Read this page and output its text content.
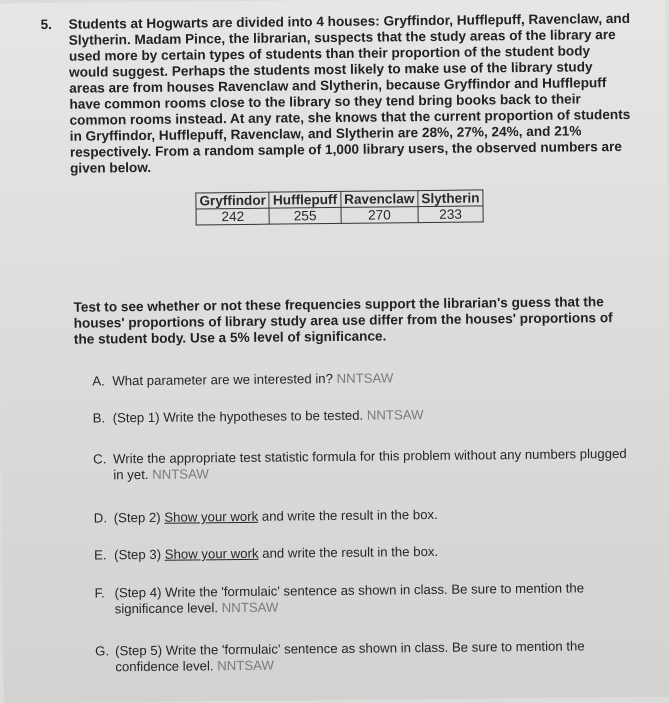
5. Students at Hogwarts are divided into 4 houses: Gryffindor, Hufflepuff, Ravenclaw, and Slytherin. Madam Pince, the librarian, suspects that the study areas of the library are used more by certain types of students than their proportion of the student body would suggest. Perhaps the students most likely to make use of the library study areas are from houses Ravenclaw and Slytherin, because Gryffindor and Hufflepuff have common rooms close to the library so they tend bring books back to their common rooms instead. At any rate, she knows that the current proportion of students in Gryffindor, Hufflepuff, Ravenclaw, and Slytherin are 28%, 27%, 24%, and 21% respectively. From a random sample of 1,000 library users, the observed numbers are given below.
Gryffindor	Hufflepuff	Ravenclaw	Slytherin
242	255	270	233
Test to see whether or not these frequencies support the librarian's guess that the houses' proportions of library study area use differ from the houses' proportions of the student body. Use a 5% level of significance.
A. What parameter are we interested in? NNTSAW
B. (Step 1) Write the hypotheses to be tested. NNTSAW
C. Write the appropriate test statistic formula for this problem without any numbers plugged in yet. NNTSAW
D. (Step 2) Show your work and write the result in the box.
E. (Step 3) Show your work and write the result in the box.
F. (Step 4) Write the 'formulaic' sentence as shown in class. Be sure to mention the significance level. NNTSAW
G. (Step 5) Write the 'formulaic' sentence as shown in class. Be sure to mention the confidence level. NNTSAW
